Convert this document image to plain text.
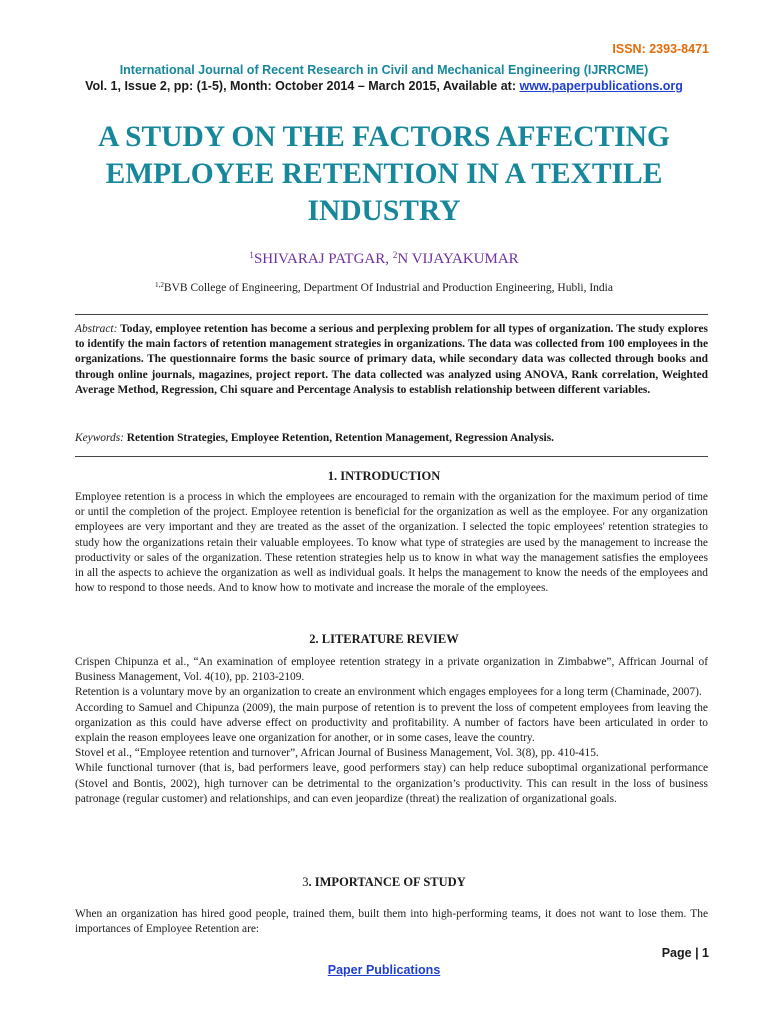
ISSN: 2393-8471

International Journal of Recent Research in Civil and Mechanical Engineering (IJRRCME)

Vol. 1, Issue 2, pp: (1-5), Month: October 2014 – March 2015, Available at: www.paperpublications.org

A STUDY ON THE FACTORS AFFECTING EMPLOYEE RETENTION IN A TEXTILE INDUSTRY

$^1$SHIVARAJ PATGAR, $^2$N VIJAYAKUMAR

$^{1,2}$BVB College of Engineering, Department Of Industrial and Production Engineering, Hubli, India

Abstract: Today, employee retention has become a serious and perplexing problem for all types of organization. The study explores to identify the main factors of retention management strategies in organizations. The data was collected from 100 employees in the organizations. The questionnaire forms the basic source of primary data, while secondary data was collected through books and through online journals, magazines, project report. The data collected was analyzed using ANOVA, Rank correlation, Weighted Average Method, Regression, Chi square and Percentage Analysis to establish relationship between different variables.

Keywords: Retention Strategies, Employee Retention, Retention Management, Regression Analysis.

1. INTRODUCTION

Employee retention is a process in which the employees are encouraged to remain with the organization for the maximum period of time or until the completion of the project. Employee retention is beneficial for the organization as well as the employee. For any organization employees are very important and they are treated as the asset of the organization. I selected the topic employees' retention strategies to study how the organizations retain their valuable employees. To know what type of strategies are used by the management to increase the productivity or sales of the organization. These retention strategies help us to know in what way the management satisfies the employees in all the aspects to achieve the organization as well as individual goals. It helps the management to know the needs of the employees and how to respond to those needs. And to know how to motivate and increase the morale of the employees.

2. LITERATURE REVIEW
Crispen Chipunza et al., “An examination of employee retention strategy in a private organization in Zimbabwe”, Affrican Journal of Business Management, Vol. 4(10), pp. 2103-2109.
Retention is a voluntary move by an organization to create an environment which engages employees for a long term (Chaminade, 2007).
According to Samuel and Chipunza (2009), the main purpose of retention is to prevent the loss of competent employees from leaving the organization as this could have adverse effect on productivity and profitability. A number of factors have been articulated in order to explain the reason employees leave one organization for another, or in some cases, leave the country.
Stovel et al., “Employee retention and turnover”, African Journal of Business Management, Vol. 3(8), pp. 410-415.
While functional turnover (that is, bad performers leave, good performers stay) can help reduce suboptimal organizational performance (Stovel and Bontis, 2002), high turnover can be detrimental to the organization’s productivity. This can result in the loss of business patronage (regular customer) and relationships, and can even jeopardize (threat) the realization of organizational goals.
3. IMPORTANCE OF STUDY

When an organization has hired good people, trained them, built them into high-performing teams, it does not want to lose them. The importances of Employee Retention are:

Page | 1

Paper Publications
